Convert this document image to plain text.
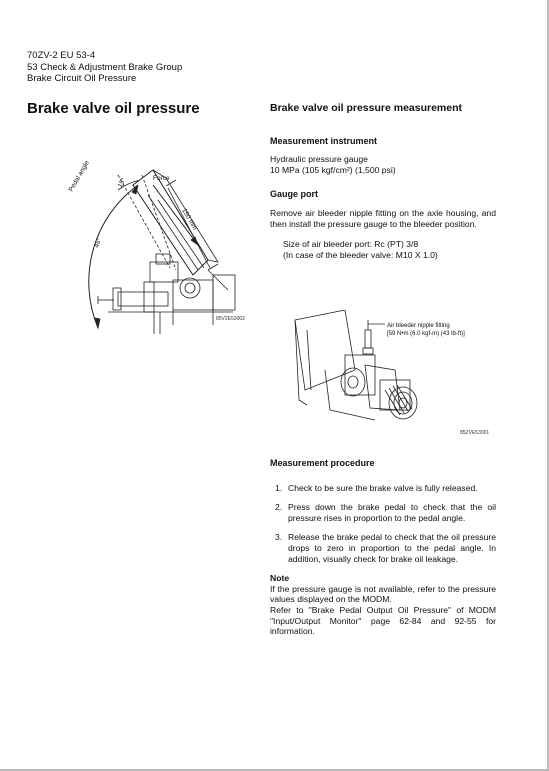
70ZV-2 EU 53-4
53 Check & Adjustment Brake Group
Brake Circuit Oil Pressure
Brake valve oil pressure
Pedal angle	15°	Force
150 mm
45°
85V2E53002
Brake valve oil pressure measurement
Measurement instrument
Hydraulic pressure gauge
10 MPa (105 kgf/cm²) (1,500 psi)
Gauge port
Remove air bleeder nipple fitting on the axle housing, and then install the pressure gauge to the bleeder position.
Size of air bleeder port: Rc (PT) 3/8
(In case of the bleeder valve: M10 X 1.0)
Air bleeder nipple fitting
[59 N•m (6.0 kgf-m) (43 lb-ft)]
85ZVE53001
Measurement procedure
1. Check to be sure the brake valve is fully released.
2. Press down the brake pedal to check that the oil pressure rises in proportion to the pedal angle.
3. Release the brake pedal to check that the oil pressure drops to zero in proportion to the pedal angle. In addition, visually check for brake oil leakage.
Note
If the pressure gauge is not available, refer to the pressure values displayed on the MODM.
Refer to "Brake Pedal Output Oil Pressure" of MODM "Input/Output Monitor" page 62-84 and 92-55 for information.
